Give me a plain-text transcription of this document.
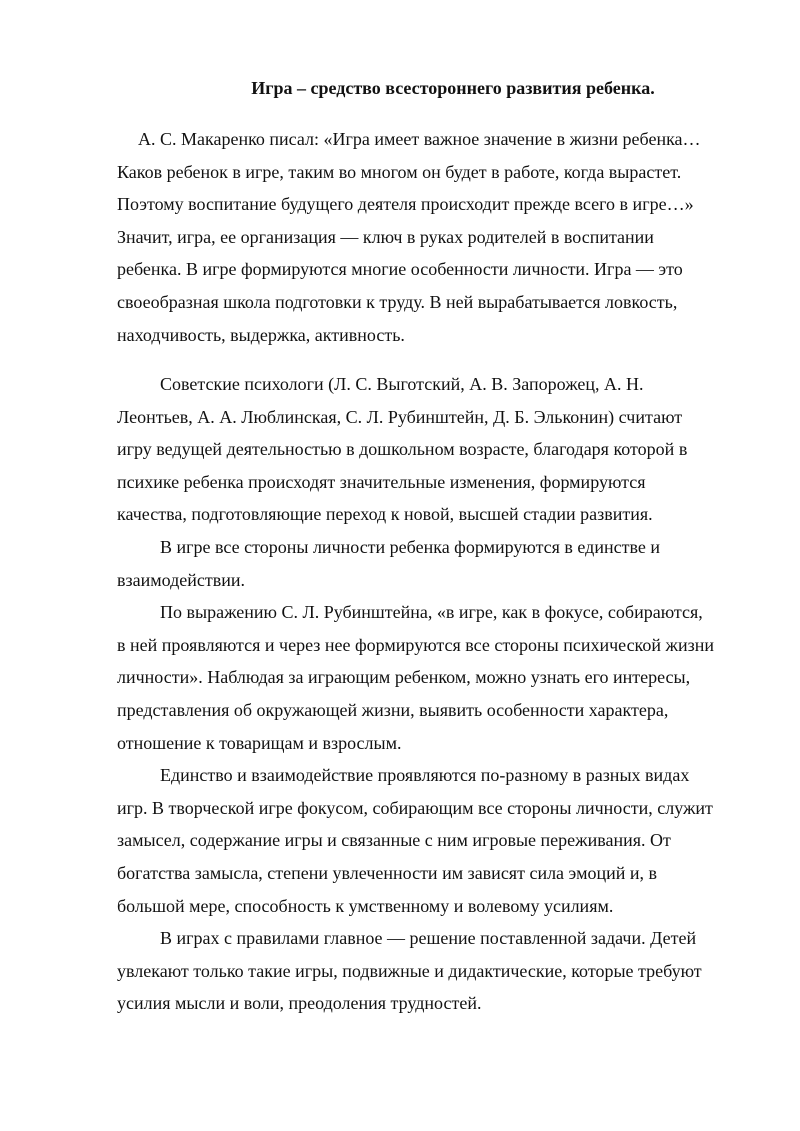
Игра – средство всестороннего развития ребенка.
А. С. Макаренко писал: «Игра имеет важное значение в жизни ребенка…
Каков ребенок в игре, таким во многом он будет в работе, когда вырастет.
Поэтому воспитание будущего деятеля происходит прежде всего в игре…»
Значит, игра, ее организация — ключ в руках родителей в воспитании
ребенка. В игре формируются многие особенности личности. Игра — это
своеобразная школа подготовки к труду. В ней вырабатывается ловкость,
находчивость, выдержка, активность.
Советские психологи (Л. С. Выготский, А. В. Запорожец, А. Н.
Леонтьев, А. А. Люблинская, С. Л. Рубинштейн, Д. Б. Эльконин) считают
игру ведущей деятельностью в дошкольном возрасте, благодаря которой в
психике ребенка происходят значительные изменения, формируются
качества, подготовляющие переход к новой, высшей стадии развития.
В игре все стороны личности ребенка формируются в единстве и
взаимодействии.
По выражению С. Л. Рубинштейна, «в игре, как в фокусе, собираются,
в ней проявляются и через нее формируются все стороны психической жизни
личности». Наблюдая за играющим ребенком, можно узнать его интересы,
представления об окружающей жизни, выявить особенности характера,
отношение к товарищам и взрослым.
Единство и взаимодействие проявляются по-разному в разных видах
игр. В творческой игре фокусом, собирающим все стороны личности, служит
замысел, содержание игры и связанные с ним игровые переживания. От
богатства замысла, степени увлеченности им зависят сила эмоций и, в
большой мере, способность к умственному и волевому усилиям.
В играх с правилами главное — решение поставленной задачи. Детей
увлекают только такие игры, подвижные и дидактические, которые требуют
усилия мысли и воли, преодоления трудностей.
